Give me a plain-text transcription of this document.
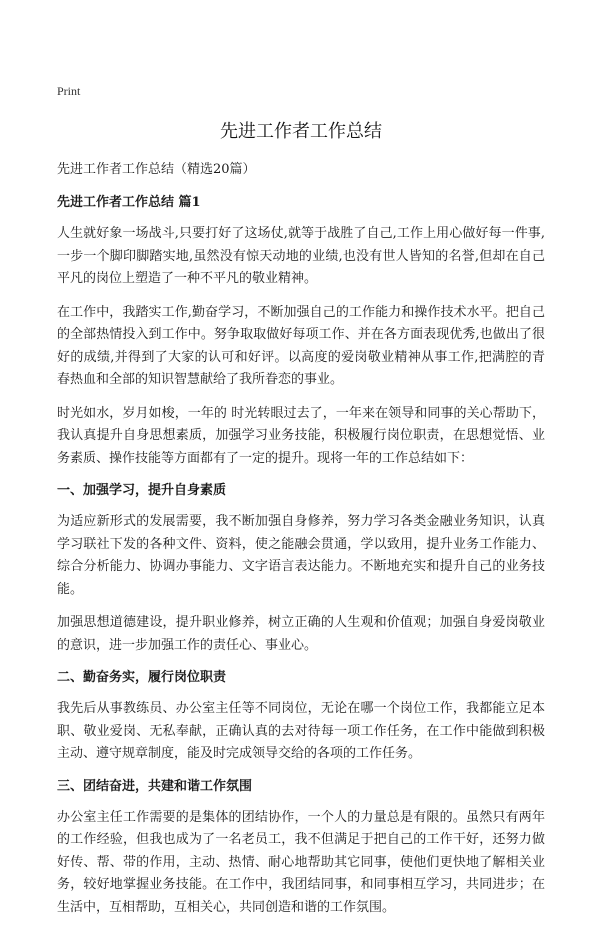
Print
先进工作者工作总结
先进工作者工作总结（精选20篇）
先进工作者工作总结 篇1

人生就好象一场战斗,只要打好了这场仗,就等于战胜了自己,工作上用心做好每一件事,一步一个脚印脚踏实地,虽然没有惊天动地的业绩,也没有世人皆知的名誉,但却在自己平凡的岗位上塑造了一种不平凡的敬业精神。

在工作中，我踏实工作,勤奋学习，不断加强自己的工作能力和操作技术水平。把自己的全部热情投入到工作中。努争取取做好每项工作、并在各方面表现优秀,也做出了很好的成绩,并得到了大家的认可和好评。以高度的爱岗敬业精神从事工作,把满腔的青春热血和全部的知识智慧献给了我所眷恋的事业。

时光如水，岁月如梭，一年的 时光转眼过去了，一年来在领导和同事的关心帮助下，我认真提升自身思想素质，加强学习业务技能，积极履行岗位职责，在思想觉悟、业务素质、操作技能等方面都有了一定的提升。现将一年的工作总结如下：

一、加强学习，提升自身素质

为适应新形式的发展需要，我不断加强自身修养，努力学习各类金融业务知识，认真学习联社下发的各种文件、资料，使之能融会贯通，学以致用，提升业务工作能力、综合分析能力、协调办事能力、文字语言表达能力。不断地充实和提升自己的业务技能。

加强思想道德建设，提升职业修养，树立正确的人生观和价值观；加强自身爱岗敬业的意识，进一步加强工作的责任心、事业心。

二、勤奋务实，履行岗位职责

我先后从事教练员、办公室主任等不同岗位，无论在哪一个岗位工作，我都能立足本职、敬业爱岗、无私奉献，正确认真的去对待每一项工作任务，在工作中能做到积极主动、遵守规章制度，能及时完成领导交给的各项的工作任务。

三、团结奋进，共建和谐工作氛围

办公室主任工作需要的是集体的团结协作，一个人的力量总是有限的。虽然只有两年的工作经验，但我也成为了一名老员工，我不但满足于把自己的工作干好，还努力做好传、帮、带的作用，主动、热情、耐心地帮助其它同事，使他们更快地了解相关业务，较好地掌握业务技能。在工作中，我团结同事，和同事相互学习，共同进步；在生活中，互相帮助，互相关心，共同创造和谐的工作氛围。
